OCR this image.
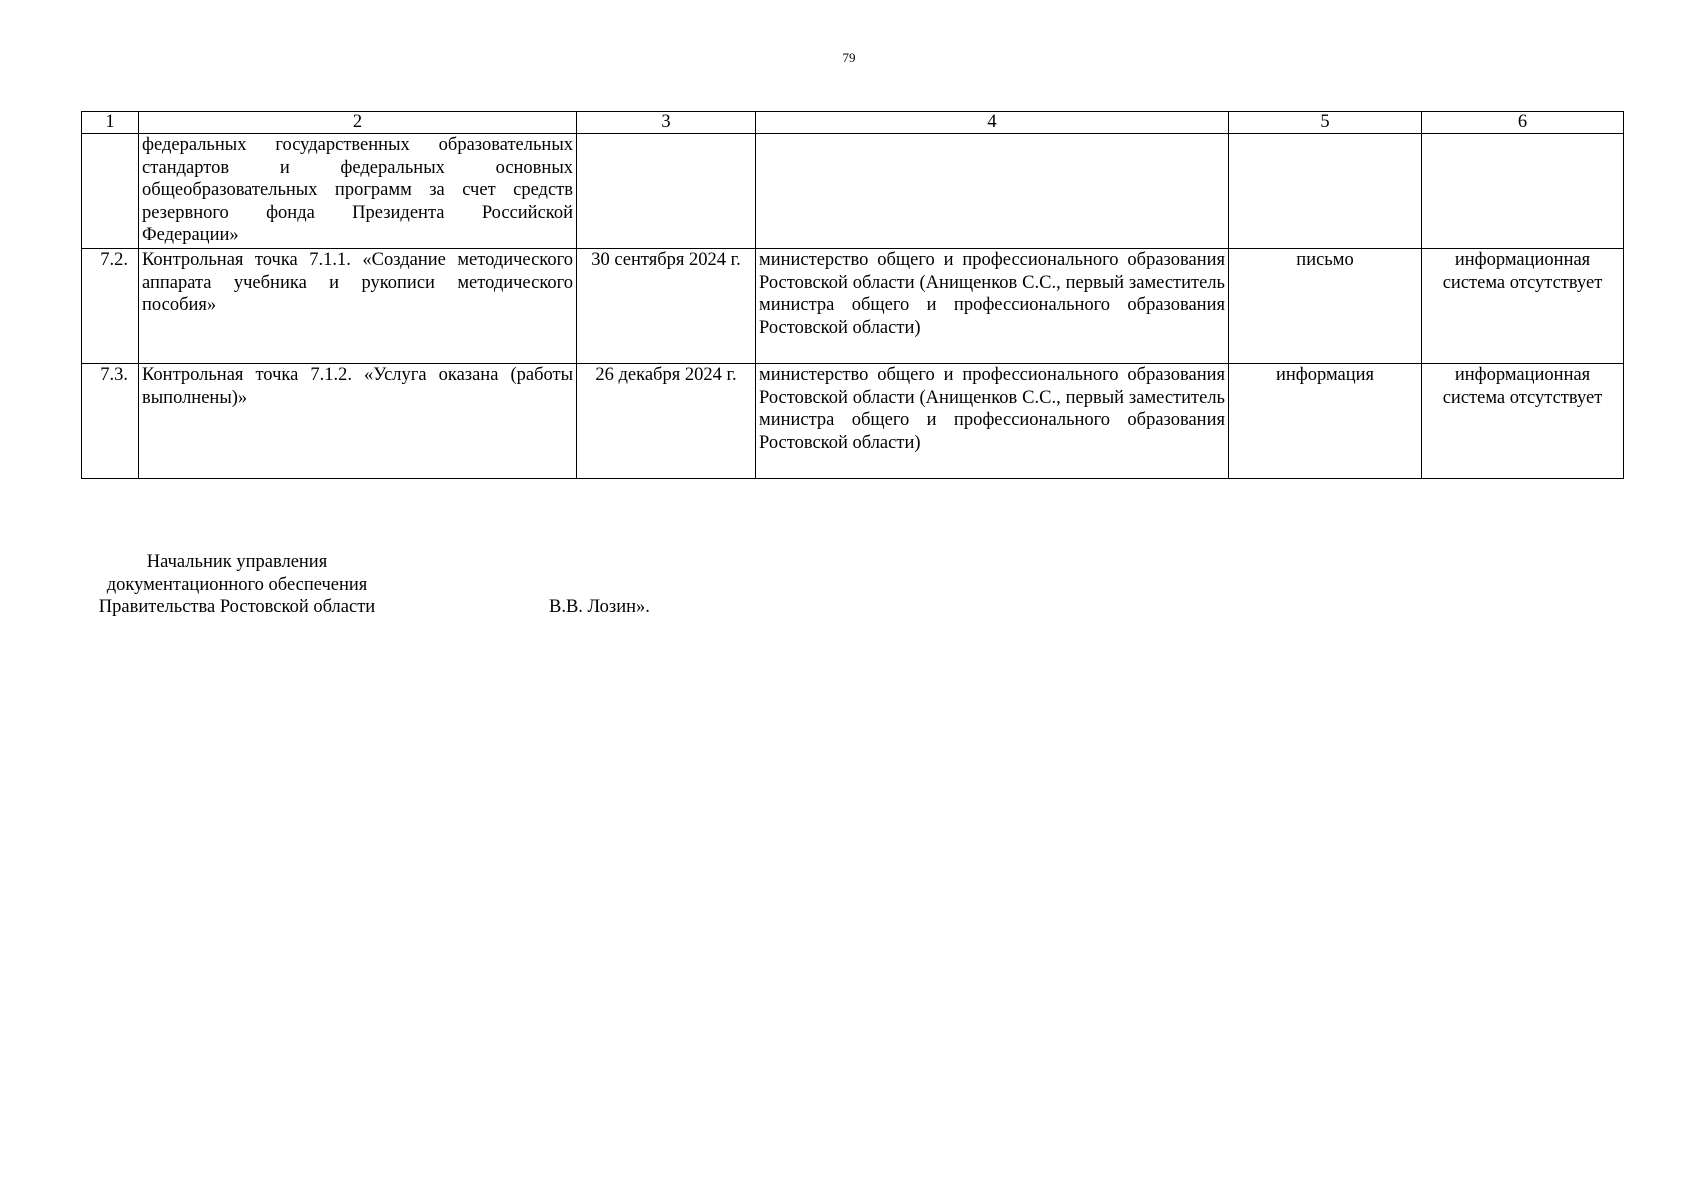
79
1	2	3	4	5	6
	федеральных государственных образовательных стандартов и федеральных основных общеобразовательных программ за счет средств резервного фонда Президента Российской Федерации»				
7.2.	Контрольная точка 7.1.1. «Создание методического аппарата учебника и рукописи методического пособия»	30 сентября 2024 г.	министерство общего и профессионального образования Ростовской области (Анищенков С.С., первый заместитель министра общего и профессионального образования Ростовской области)	письмо	информационная система отсутствует
7.3.	Контрольная точка 7.1.2. «Услуга оказана (работы выполнены)»	26 декабря 2024 г.	министерство общего и профессионального образования Ростовской области (Анищенков С.С., первый заместитель министра общего и профессионального образования Ростовской области)	информация	информационная система отсутствует
Начальник управления
документационного обеспечения
Правительства Ростовской области	В.В. Лозин».
